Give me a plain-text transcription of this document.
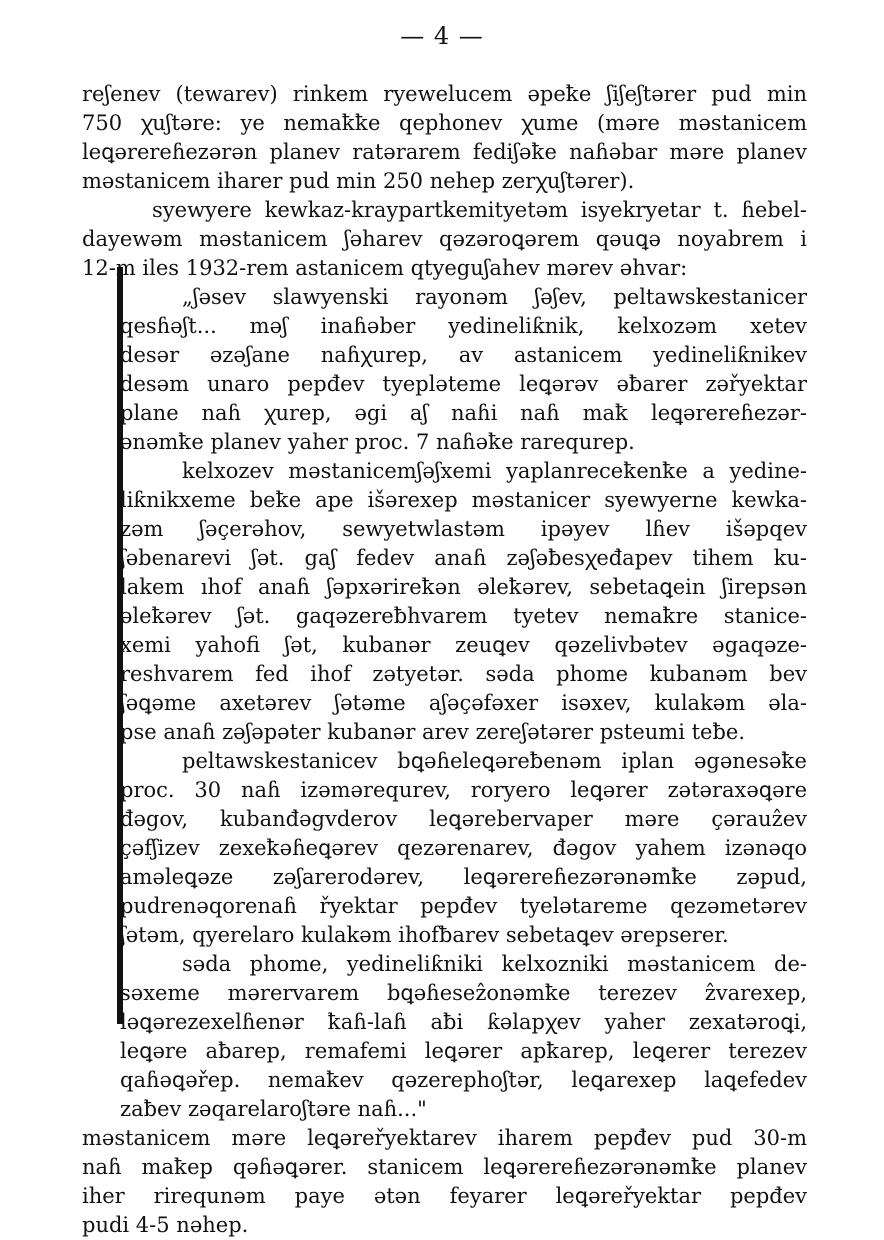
— 4 —
reʃenev (tewarev) rinkem ryewelucem əpeꝁe ʃiʃeʃtərer pud min
750 ꭓuʃtəre: ye nemaꝁꝁe qephonev ꭓume (məre məstanicem
leꝗərereɦezərən planev ratərarem fediʃəꝁe naɦəbar məre planev
məstanicem iharer pud min 250 nehep zerꭓuʃtərer).
syewyere kewkaz-kraypartkemityetəm isyekryetar t. ɦebel-
dayewəm məstanicem ʃəharev qəzərоꝗərem qəuꝗə noyabrem i
12-m iles 1932-rem astanicem qtyeguʃahev mərev əhvar:
„ʃəsev slawyenski rayonəm ʃəʃev, peltawskestanicer
qesɦəʃt... məʃ inaɦəber yedineliƙnik, kelxozəm xetev
desər əzəʃane naɦꭓurep, av astanicem yedineliƙnikev
desəm unaro pepđev tyeplətemе leꝗərəv əƀarer zəřyektar
plane naɦ ꭓurep, əgi aʃ naɦi naɦ maꝁ leꝗərereɦezər-
ənəmꝁe planev yaher proc. 7 naɦəꝁe rarequrep.
kelxozev məstanicemʃəʃxemi yaplanreceꝁenꝁe a yedine-
liƙnikxeme beꝁe ape išərexep məstanicer syewyerne kewka-
zəm ʃəçerəhov, sewyetwlastəm ipəyev lɦev išəpqev
ʃəbenarevi ʃət. gaʃ fedev anaɦ zəʃəƀesꭓeđapev tihem ku-
lakem ıhof anaɦ ʃəpxərireꝁən əleꝁərev, sebetaꝗein ʃirepsən
əleꝁərev ʃət. gaqəzereƀhvarem tyetev nemaꝁre stanice-
xemi yahofi ʃət, kubanər zeuꝗev qəzelivbətev əgaqəze-
reshvarem fed ihof zətyetər. sədа phome kubanəm bev
ʃəꝗəme axetərev ʃətəme aʃəçəfəxer isəxev, kulakəm əla-
pse anaɦ zəʃəpəter kubanər arev zereʃətərer psteumi teƀe.
peltawskestanicev bꝗəɦeleꝗəreƀenəm iplan əgənesəꝁe
proc. 30 naɦ izəmərequrev, roryero leꝗərer zətəraxəꝗəre
đəgov, kubanđəgvderov leꝗərebervaper məre çərauẑev
çəfʃizev zexeꝁəɦeꝗərev qezərenarev, đəgov yahem izənəqo
aməleꝗəze zəʃarerodərev, leꝗərereɦezərənəmꝁe zəpud,
pudrenəqorenaɦ řyektar pepđev tyelətareme qezəmetərev
ʃətəm, qyerelaro kulakəm ihofƀarev sebetaꝗev ərepserer.
sədа phome, yedineliƙniki kelxozniki məstanicem de-
səxeme mərervarem bꝗəɦeseẑonəmꝁe terezev ẑvarexep,
ləꝗərezexelɦenər ꝁaɦ-laɦ aƀi ƙəlapꭓev yaher zexatəroꝗi,
leꝗəre aƀarep, remafemi leꝗərer apꝁarep, leꝗerer terezev
qaɦəꝗəřep. nemaꝁev qəzerephoʃtər, leꝗarexep laꝗefedev
zaƀev zəqarelaroʃtəre naɦ..."
məstanicem məre leꝗəreřyektarev iharem pepđev pud 30-m
naɦ maꝁep qəɦəꝗərer. stanicem leꝗərereɦezərənəmꝁe planev
iher rirequnəm paye ətən feyarer leꝗəreřyektar pepđev
pudi 4-5 nəhep.
